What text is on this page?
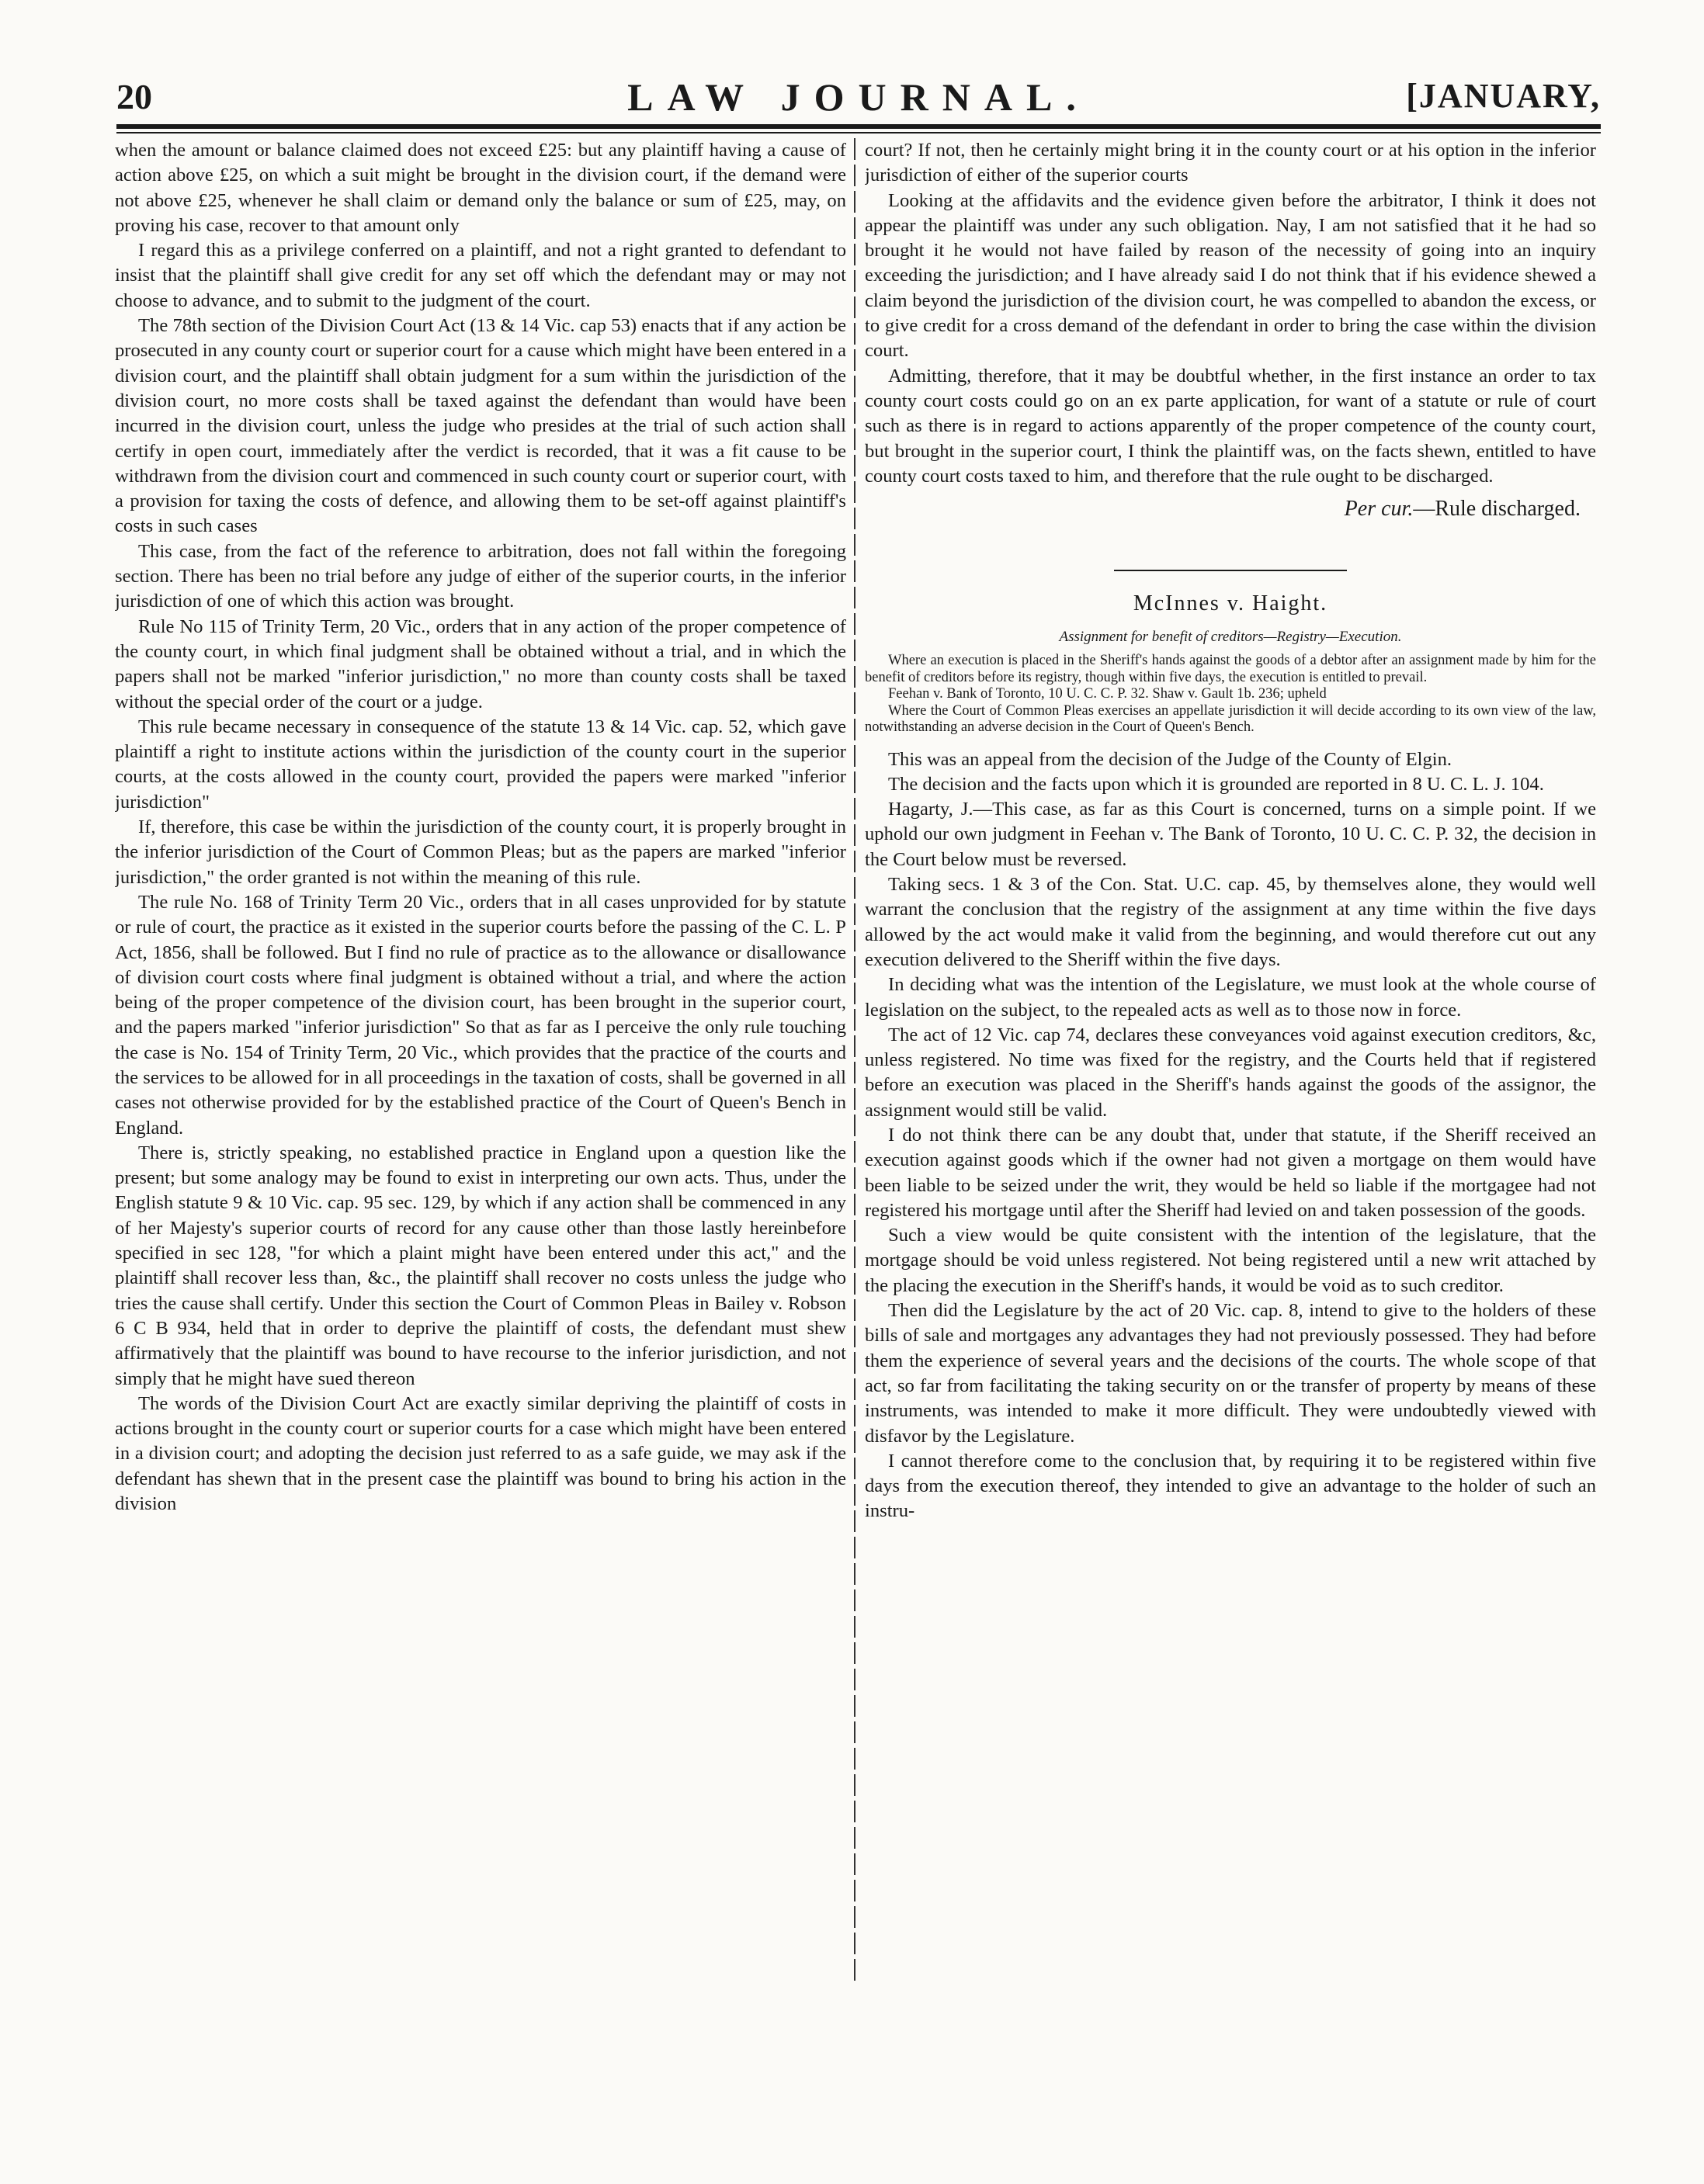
20	LAW JOURNAL.	[JANUARY,

when the amount or balance claimed does not exceed £25: but any plaintiff having a cause of action above £25, on which a suit might be brought in the division court, if the demand were not above £25, whenever he shall claim or demand only the balance or sum of £25, may, on proving his case, recover to that amount only

I regard this as a privilege conferred on a plaintiff, and not a right granted to defendant to insist that the plaintiff shall give credit for any set off which the defendant may or may not choose to advance, and to submit to the judgment of the court.

The 78th section of the Division Court Act (13 & 14 Vic. cap 53) enacts that if any action be prosecuted in any county court or superior court for a cause which might have been entered in a division court, and the plaintiff shall obtain judgment for a sum within the jurisdiction of the division court, no more costs shall be taxed against the defendant than would have been incurred in the division court, unless the judge who presides at the trial of such action shall certify in open court, immediately after the verdict is recorded, that it was a fit cause to be withdrawn from the division court and commenced in such county court or superior court, with a provision for taxing the costs of defence, and allowing them to be set-off against plaintiff's costs in such cases

This case, from the fact of the reference to arbitration, does not fall within the foregoing section. There has been no trial before any judge of either of the superior courts, in the inferior jurisdiction of one of which this action was brought.

Rule No 115 of Trinity Term, 20 Vic., orders that in any action of the proper competence of the county court, in which final judgment shall be obtained without a trial, and in which the papers shall not be marked "inferior jurisdiction," no more than county costs shall be taxed without the special order of the court or a judge.

This rule became necessary in consequence of the statute 13 & 14 Vic. cap. 52, which gave plaintiff a right to institute actions within the jurisdiction of the county court in the superior courts, at the costs allowed in the county court, provided the papers were marked "inferior jurisdiction"

If, therefore, this case be within the jurisdiction of the county court, it is properly brought in the inferior jurisdiction of the Court of Common Pleas; but as the papers are marked "inferior jurisdiction," the order granted is not within the meaning of this rule.

The rule No. 168 of Trinity Term 20 Vic., orders that in all cases unprovided for by statute or rule of court, the practice as it existed in the superior courts before the passing of the C. L. P Act, 1856, shall be followed. But I find no rule of practice as to the allowance or disallowance of division court costs where final judgment is obtained without a trial, and where the action being of the proper competence of the division court, has been brought in the superior court, and the papers marked "inferior jurisdiction" So that as far as I perceive the only rule touching the case is No. 154 of Trinity Term, 20 Vic., which provides that the practice of the courts and the services to be allowed for in all proceedings in the taxation of costs, shall be governed in all cases not otherwise provided for by the established practice of the Court of Queen's Bench in England.

There is, strictly speaking, no established practice in England upon a question like the present; but some analogy may be found to exist in interpreting our own acts. Thus, under the English statute 9 & 10 Vic. cap. 95 sec. 129, by which if any action shall be commenced in any of her Majesty's superior courts of record for any cause other than those lastly hereinbefore specified in sec 128, "for which a plaint might have been entered under this act," and the plaintiff shall recover less than, &c., the plaintiff shall recover no costs unless the judge who tries the cause shall certify. Under this section the Court of Common Pleas in Bailey v. Robson 6 C B 934, held that in order to deprive the plaintiff of costs, the defendant must shew affirmatively that the plaintiff was bound to have recourse to the inferior jurisdiction, and not simply that he might have sued thereon

The words of the Division Court Act are exactly similar depriving the plaintiff of costs in actions brought in the county court or superior courts for a case which might have been entered in a division court; and adopting the decision just referred to as a safe guide, we may ask if the defendant has shewn that in the present case the plaintiff was bound to bring his action in the division

court? If not, then he certainly might bring it in the county court or at his option in the inferior jurisdiction of either of the superior courts

Looking at the affidavits and the evidence given before the arbitrator, I think it does not appear the plaintiff was under any such obligation. Nay, I am not satisfied that it he had so brought it he would not have failed by reason of the necessity of going into an inquiry exceeding the jurisdiction; and I have already said I do not think that if his evidence shewed a claim beyond the jurisdiction of the division court, he was compelled to abandon the excess, or to give credit for a cross demand of the defendant in order to bring the case within the division court.

Admitting, therefore, that it may be doubtful whether, in the first instance an order to tax county court costs could go on an ex parte application, for want of a statute or rule of court such as there is in regard to actions apparently of the proper competence of the county court, but brought in the superior court, I think the plaintiff was, on the facts shewn, entitled to have county court costs taxed to him, and therefore that the rule ought to be discharged.

Per cur.—Rule discharged.
McInnes v. Haight.
Assignment for benefit of creditors—Registry—Execution.

Where an execution is placed in the Sheriff's hands against the goods of a debtor after an assignment made by him for the benefit of creditors before its registry, though within five days, the execution is entitled to prevail.

Feehan v. Bank of Toronto, 10 U. C. C. P. 32. Shaw v. Gault 1b. 236; upheld

Where the Court of Common Pleas exercises an appellate jurisdiction it will decide according to its own view of the law, notwithstanding an adverse decision in the Court of Queen's Bench.

This was an appeal from the decision of the Judge of the County of Elgin.

The decision and the facts upon which it is grounded are reported in 8 U. C. L. J. 104.

Hagarty, J.—This case, as far as this Court is concerned, turns on a simple point. If we uphold our own judgment in Feehan v. The Bank of Toronto, 10 U. C. C. P. 32, the decision in the Court below must be reversed.

Taking secs. 1 & 3 of the Con. Stat. U.C. cap. 45, by themselves alone, they would well warrant the conclusion that the registry of the assignment at any time within the five days allowed by the act would make it valid from the beginning, and would therefore cut out any execution delivered to the Sheriff within the five days.

In deciding what was the intention of the Legislature, we must look at the whole course of legislation on the subject, to the repealed acts as well as to those now in force.

The act of 12 Vic. cap 74, declares these conveyances void against execution creditors, &c, unless registered. No time was fixed for the registry, and the Courts held that if registered before an execution was placed in the Sheriff's hands against the goods of the assignor, the assignment would still be valid.

I do not think there can be any doubt that, under that statute, if the Sheriff received an execution against goods which if the owner had not given a mortgage on them would have been liable to be seized under the writ, they would be held so liable if the mortgagee had not registered his mortgage until after the Sheriff had levied on and taken possession of the goods.

Such a view would be quite consistent with the intention of the legislature, that the mortgage should be void unless registered. Not being registered until a new writ attached by the placing the execution in the Sheriff's hands, it would be void as to such creditor.

Then did the Legislature by the act of 20 Vic. cap. 8, intend to give to the holders of these bills of sale and mortgages any advantages they had not previously possessed. They had before them the experience of several years and the decisions of the courts. The whole scope of that act, so far from facilitating the taking security on or the transfer of property by means of these instruments, was intended to make it more difficult. They were undoubtedly viewed with disfavor by the Legislature.

I cannot therefore come to the conclusion that, by requiring it to be registered within five days from the execution thereof, they intended to give an advantage to the holder of such an instru-
